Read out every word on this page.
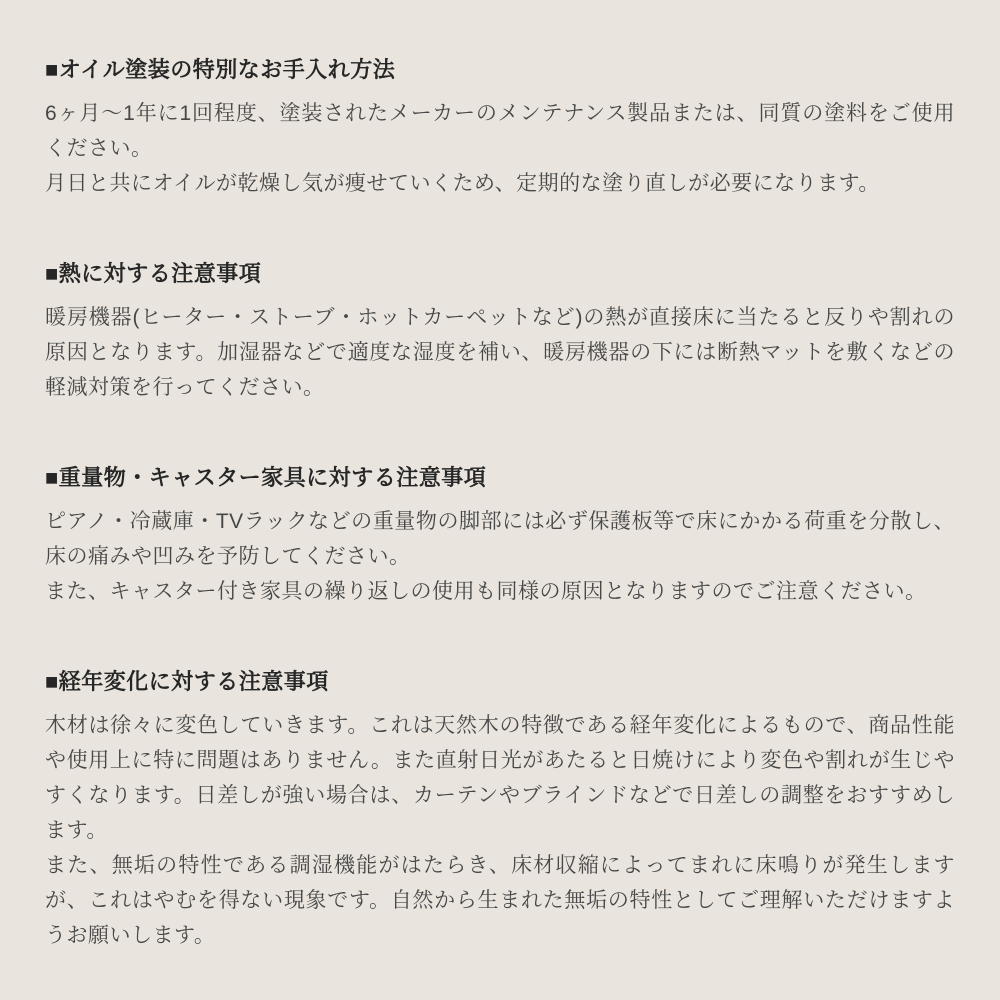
■オイル塗装の特別なお手入れ方法

6ヶ月〜1年に1回程度、塗装されたメーカーのメンテナンス製品または、同質の塗料をご使用ください。

月日と共にオイルが乾燥し気が痩せていくため、定期的な塗り直しが必要になります。

■熱に対する注意事項

暖房機器(ヒーター・ストーブ・ホットカーペットなど)の熱が直接床に当たると反りや割れの原因となります。加湿器などで適度な湿度を補い、暖房機器の下には断熱マットを敷くなどの軽減対策を行ってください。

■重量物・キャスター家具に対する注意事項

ピアノ・冷蔵庫・TVラックなどの重量物の脚部には必ず保護板等で床にかかる荷重を分散し、床の痛みや凹みを予防してください。

また、キャスター付き家具の繰り返しの使用も同様の原因となりますのでご注意ください。

■経年変化に対する注意事項

木材は徐々に変色していきます。これは天然木の特徴である経年変化によるもので、商品性能や使用上に特に問題はありません。また直射日光があたると日焼けにより変色や割れが生じやすくなります。日差しが強い場合は、カーテンやブラインドなどで日差しの調整をおすすめします。

また、無垢の特性である調湿機能がはたらき、床材収縮によってまれに床鳴りが発生しますが、これはやむを得ない現象です。自然から生まれた無垢の特性としてご理解いただけますようお願いします。
